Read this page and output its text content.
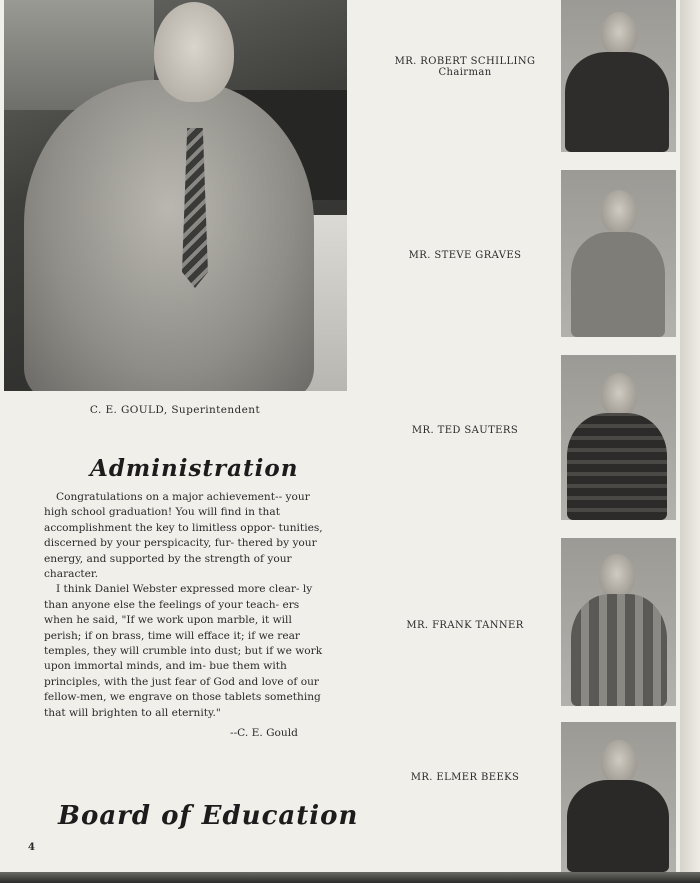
C. E. GOULD, Superintendent
Administration

Congratulations on a major achievement-- your high school graduation! You will find in that accomplishment the key to limitless oppor- tunities, discerned by your perspicacity, fur- thered by your energy, and supported by the strength of your character.

I think Daniel Webster expressed more clear- ly than anyone else the feelings of your teach- ers when he said, "If we work upon marble, it will perish; if on brass, time will efface it; if we rear temples, they will crumble into dust; but if we work upon immortal minds, and im- bue them with principles, with the just fear of God and love of our fellow-men, we engrave on those tablets something that will brighten to all eternity."

--C. E. Gould
Board of Education
4
MR. ROBERT SCHILLING
Chairman
MR. STEVE GRAVES
MR. TED SAUTERS
MR. FRANK TANNER
MR. ELMER BEEKS
